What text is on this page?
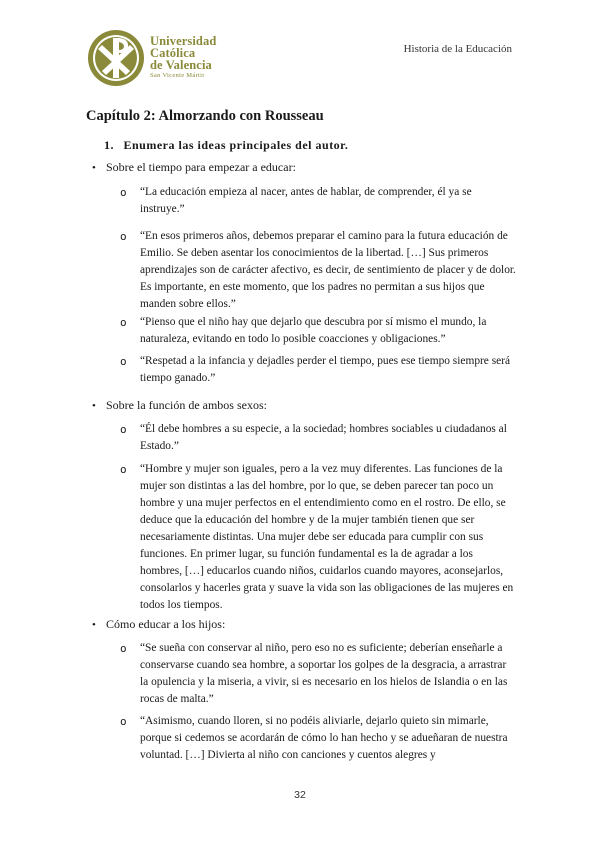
Universidad
Católica
de Valencia
San Vicente Mártir
Historia de la Educación
Capítulo 2: Almorzando con Rousseau
1. Enumera las ideas principales del autor.

• Sobre el tiempo para empezar a educar:

o “La educación empieza al nacer, antes de hablar, de comprender, él ya se instruye.”
o “En esos primeros años, debemos preparar el camino para la futura educación de Emilio. Se deben asentar los conocimientos de la libertad. […] Sus primeros aprendizajes son de carácter afectivo, es decir, de sentimiento de placer y de dolor. Es importante, en este momento, que los padres no permitan a sus hijos que manden sobre ellos.”
o “Pienso que el niño hay que dejarlo que descubra por sí mismo el mundo, la naturaleza, evitando en todo lo posible coacciones y obligaciones.”
o “Respetad a la infancia y dejadles perder el tiempo, pues ese tiempo siempre será tiempo ganado.”

• Sobre la función de ambos sexos:

o “Él debe hombres a su especie, a la sociedad; hombres sociables u ciudadanos al Estado.”
o “Hombre y mujer son iguales, pero a la vez muy diferentes. Las funciones de la mujer son distintas a las del hombre, por lo que, se deben parecer tan poco un hombre y una mujer perfectos en el entendimiento como en el rostro. De ello, se deduce que la educación del hombre y de la mujer también tienen que ser necesariamente distintas. Una mujer debe ser educada para cumplir con sus funciones. En primer lugar, su función fundamental es la de agradar a los hombres, […] educarlos cuando niños, cuidarlos cuando mayores, aconsejarlos, consolarlos y hacerles grata y suave la vida son las obligaciones de las mujeres en todos los tiempos.

• Cómo educar a los hijos:

o “Se sueña con conservar al niño, pero eso no es suficiente; deberían enseñarle a conservarse cuando sea hombre, a soportar los golpes de la desgracia, a arrastrar la opulencia y la miseria, a vivir, si es necesario en los hielos de Islandia o en las rocas de malta.”
o “Asimismo, cuando lloren, si no podéis aliviarle, dejarlo quieto sin mimarle, porque si cedemos se acordarán de cómo lo han hecho y se adueñaran de nuestra voluntad. […] Divierta al niño con canciones y cuentos alegres y
32
